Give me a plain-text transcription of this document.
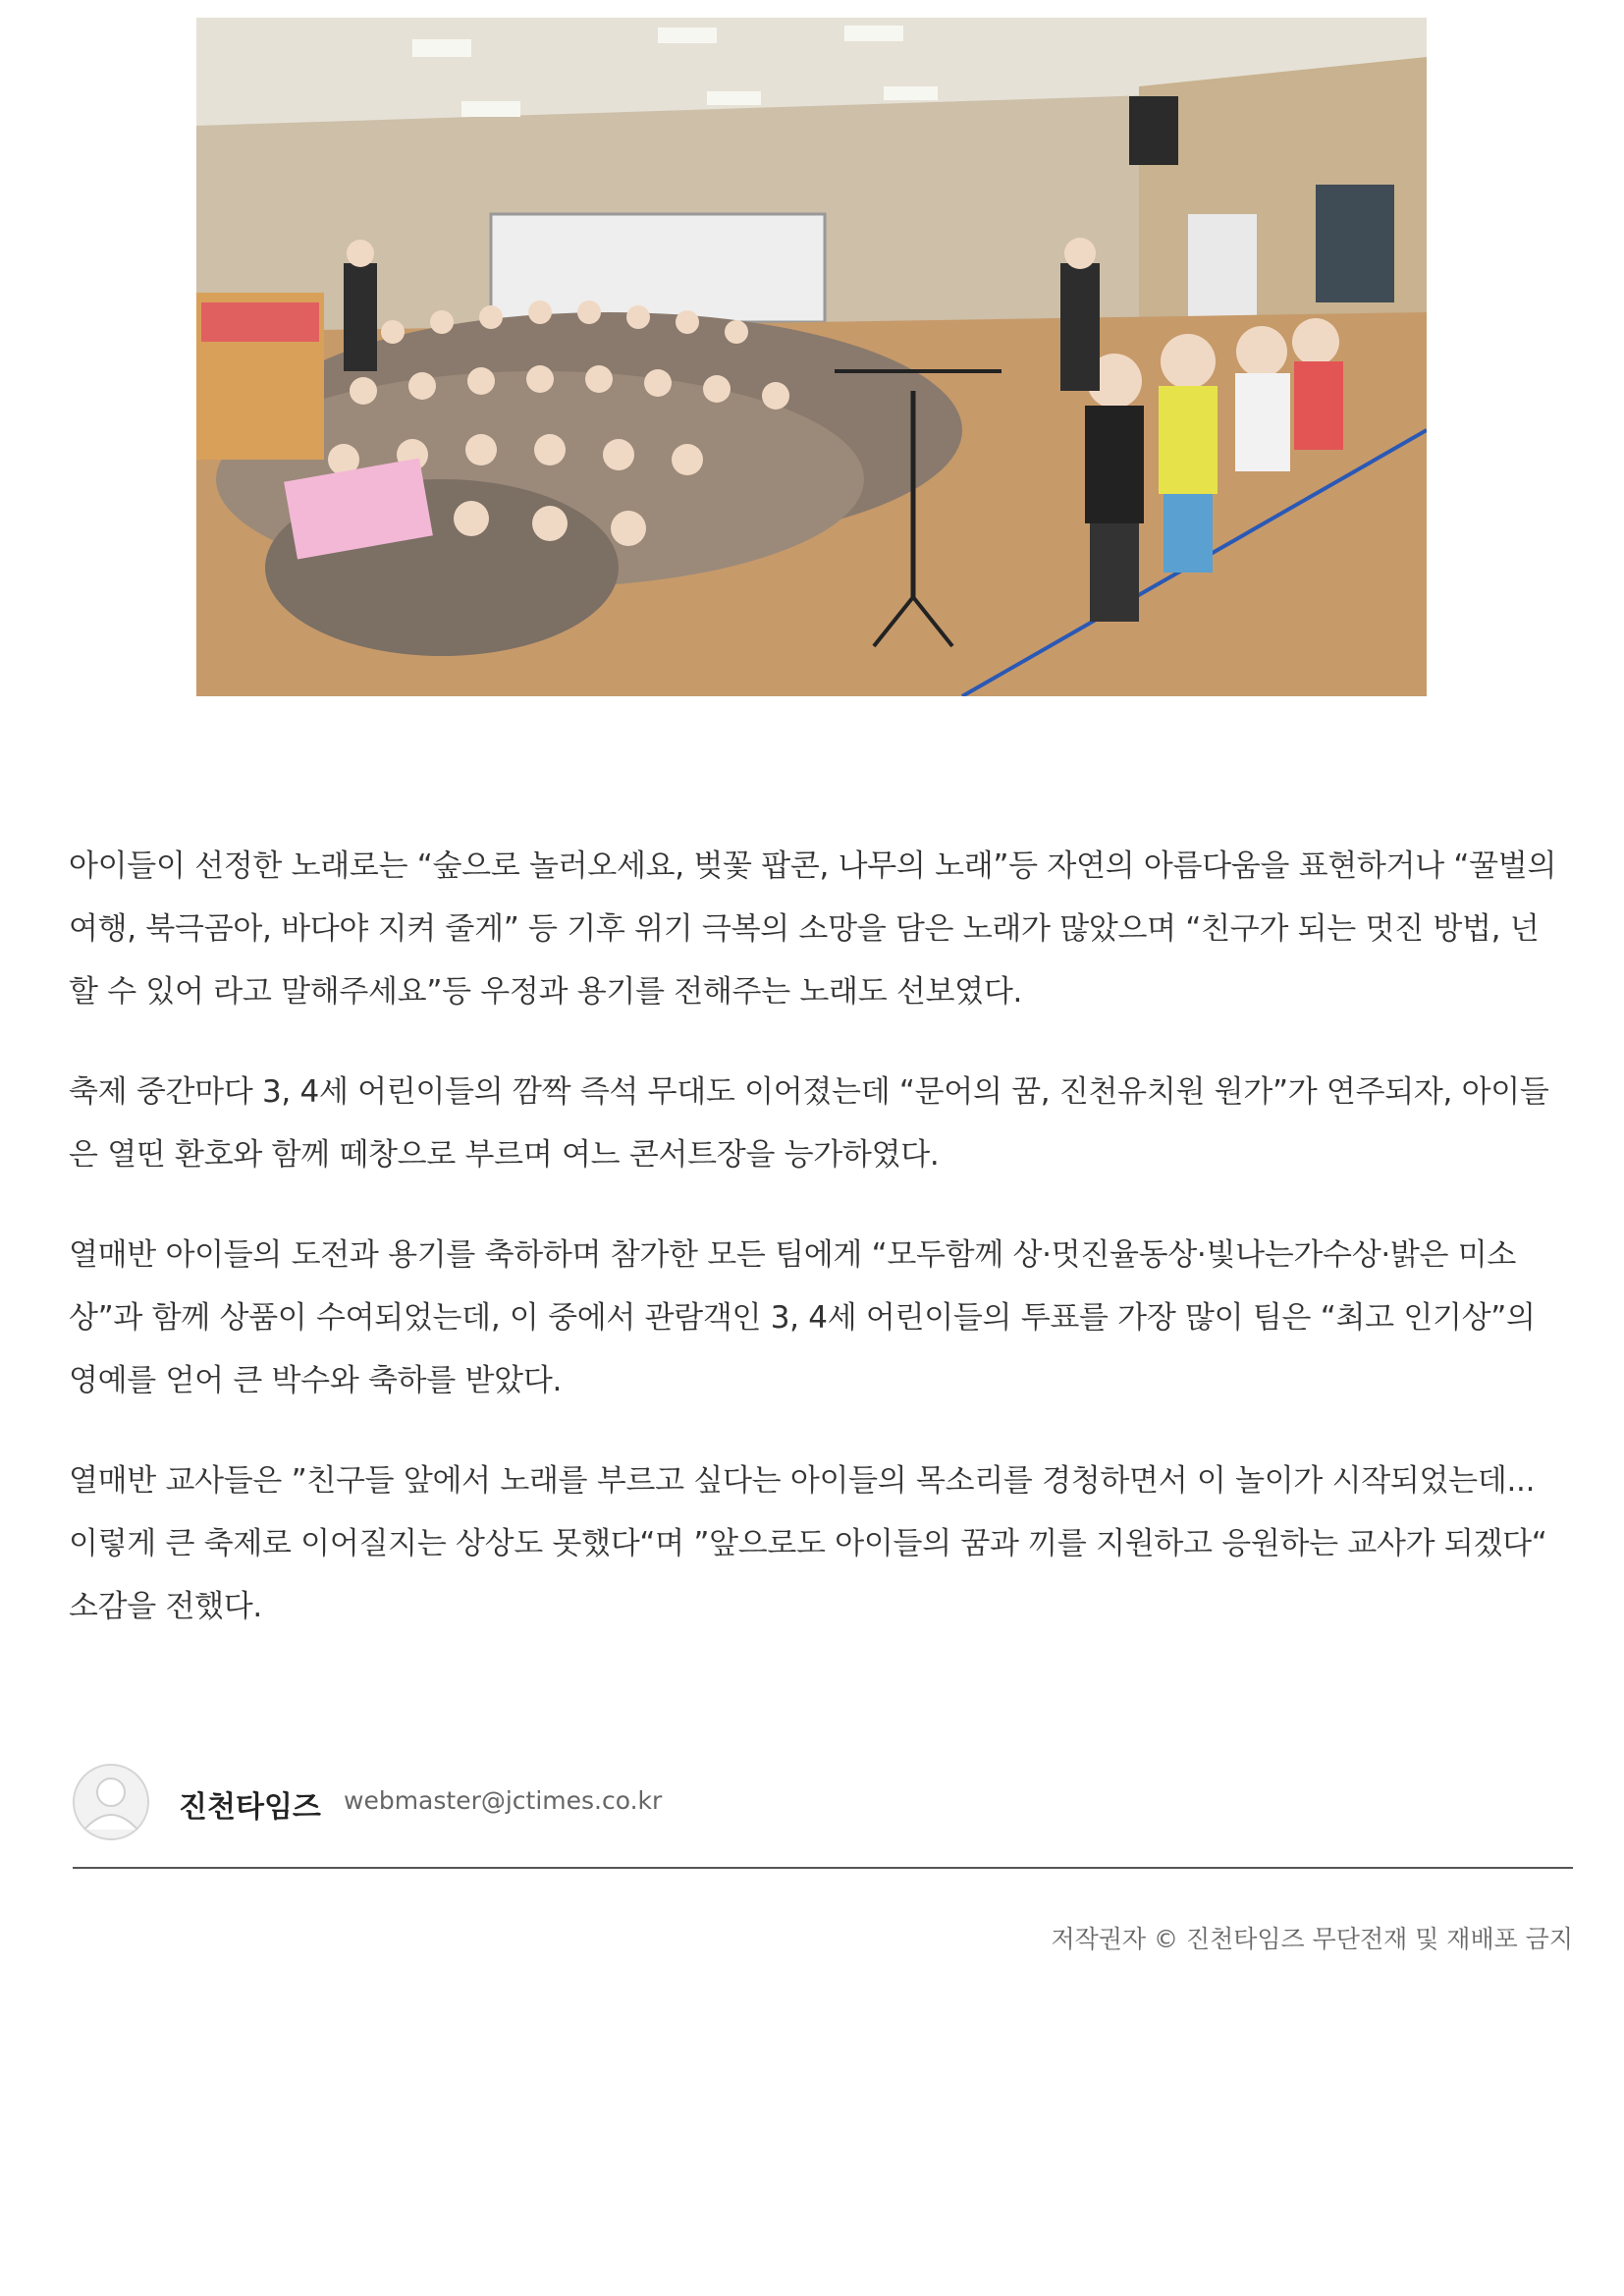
아이들이 선정한 노래로는 “숲으로 놀러오세요, 벚꽃 팝콘, 나무의 노래”등 자연의 아름다움을 표현하거나 “꿀벌의 여행, 북극곰아, 바다야 지켜 줄게” 등 기후 위기 극복의 소망을 담은 노래가 많았으며 “친구가 되는 멋진 방법, 넌 할 수 있어 라고 말해주세요”등 우정과 용기를 전해주는 노래도 선보였다.

축제 중간마다 3, 4세 어린이들의 깜짝 즉석 무대도 이어졌는데 “문어의 꿈, 진천유치원 원가”가 연주되자, 아이들은 열띤 환호와 함께 떼창으로 부르며 여느 콘서트장을 능가하였다.

열매반 아이들의 도전과 용기를 축하하며 참가한 모든 팀에게 “모두함께 상·멋진율동상·빛나는가수상·밝은 미소상”과 함께 상품이 수여되었는데, 이 중에서 관람객인 3, 4세 어린이들의 투표를 가장 많이 팀은 “최고 인기상”의 영예를 얻어 큰 박수와 축하를 받았다.

열매반 교사들은 ”친구들 앞에서 노래를 부르고 싶다는 아이들의 목소리를 경청하면서 이 놀이가 시작되었는데... 이렇게 큰 축제로 이어질지는 상상도 못했다“며 ”앞으로도 아이들의 꿈과 끼를 지원하고 응원하는 교사가 되겠다“ 소감을 전했다.

진천타임즈 webmaster@jctimes.co.kr
저작권자 © 진천타임즈 무단전재 및 재배포 금지
